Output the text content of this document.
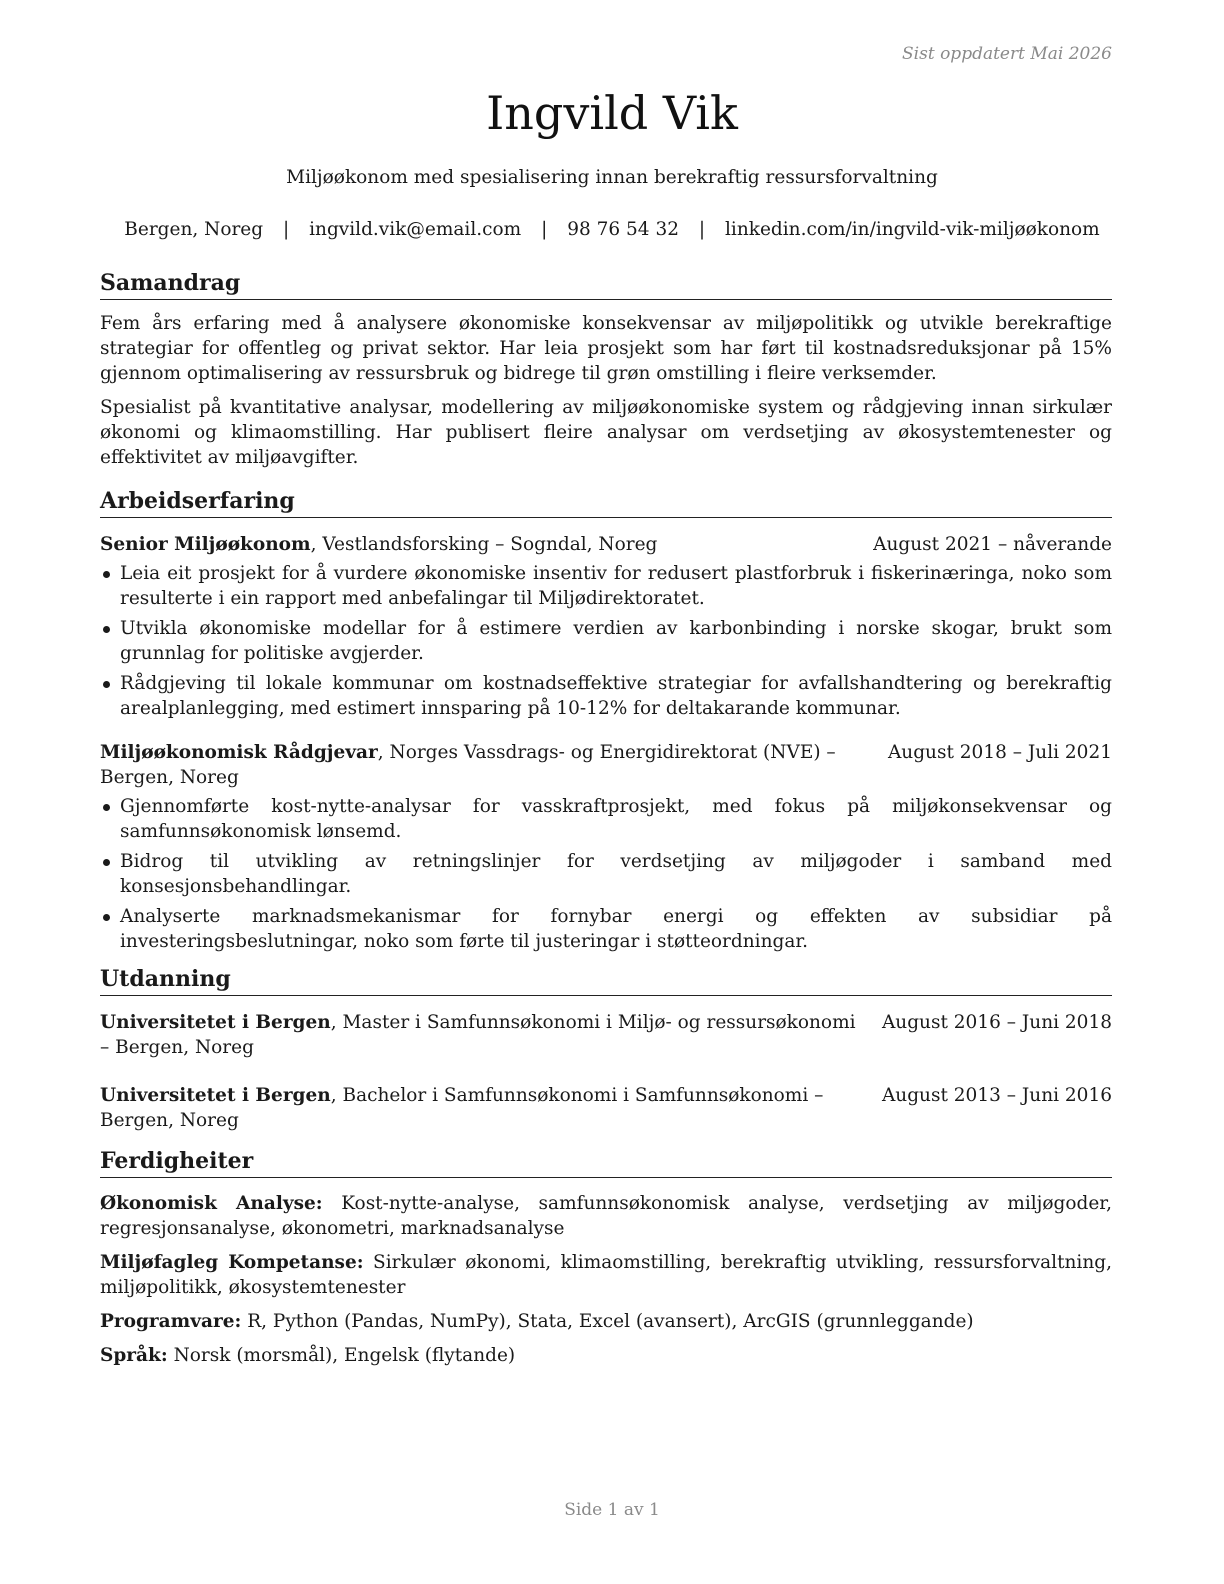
Sist oppdatert Mai 2026
Ingvild Vik
Miljøøkonom med spesialisering innan berekraftig ressursforvaltning
Bergen, Noreg | ingvild.vik@email.com | 98 76 54 32 | linkedin.com/in/ingvild-vik-miljøøkonom
Samandrag

Fem års erfaring med å analysere økonomiske konsekvensar av miljøpolitikk og utvikle berekraftige strategiar for offentleg og privat sektor. Har leia prosjekt som har ført til kostnadsreduksjonar på 15% gjennom optimalisering av ressursbruk og bidrege til grøn omstilling i fleire verksemder.

Spesialist på kvantitative analysar, modellering av miljøøkonomiske system og rådgjeving innan sirkulær økonomi og klimaomstilling. Har publisert fleire analysar om verdsetjing av økosystemtenester og effektivitet av miljøavgifter.

Arbeidserfaring
Senior Miljøøkonom, Vestlandsforsking – Sogndal, Noreg	August 2021 – nåverande
Leia eit prosjekt for å vurdere økonomiske insentiv for redusert plastforbruk i fiskerinæringa, noko som resulterte i ein rapport med anbefalingar til Miljødirektoratet.
Utvikla økonomiske modellar for å estimere verdien av karbonbinding i norske skogar, brukt som grunnlag for politiske avgjerder.
Rådgjeving til lokale kommunar om kostnadseffektive strategiar for avfallshandtering og berekraftig arealplanlegging, med estimert innsparing på 10-12% for deltakarande kommunar.
Miljøøkonomisk Rådgjevar, Norges Vassdrags- og Energidirektorat (NVE) – Bergen, Noreg
August 2018 – Juli 2021
Gjennomførte kost-nytte-analysar for vasskraftprosjekt, med fokus på miljøkonsekvensar og samfunnsøkonomisk lønsemd.
Bidrog til utvikling av retningslinjer for verdsetjing av miljøgoder i samband med konsesjonsbehandlingar.
Analyserte marknadsmekanismar for fornybar energi og effekten av subsidiar på investeringsbeslutningar, noko som førte til justeringar i støtteordningar.
Utdanning
Universitetet i Bergen, Master i Samfunnsøkonomi i Miljø- og ressursøkonomi – Bergen, Noreg
August 2016 – Juni 2018
Universitetet i Bergen, Bachelor i Samfunnsøkonomi i Samfunnsøkonomi – Bergen, Noreg
August 2013 – Juni 2016
Ferdigheiter
Økonomisk Analyse: Kost-nytte-analyse, samfunnsøkonomisk analyse, verdsetjing av miljøgoder, regresjonsanalyse, økonometri, marknadsanalyse
Miljøfagleg Kompetanse: Sirkulær økonomi, klimaomstilling, berekraftig utvikling, ressursforvaltning, miljøpolitikk, økosystemtenester
Programvare: R, Python (Pandas, NumPy), Stata, Excel (avansert), ArcGIS (grunnleggande)
Språk: Norsk (morsmål), Engelsk (flytande)
Side 1 av 1
